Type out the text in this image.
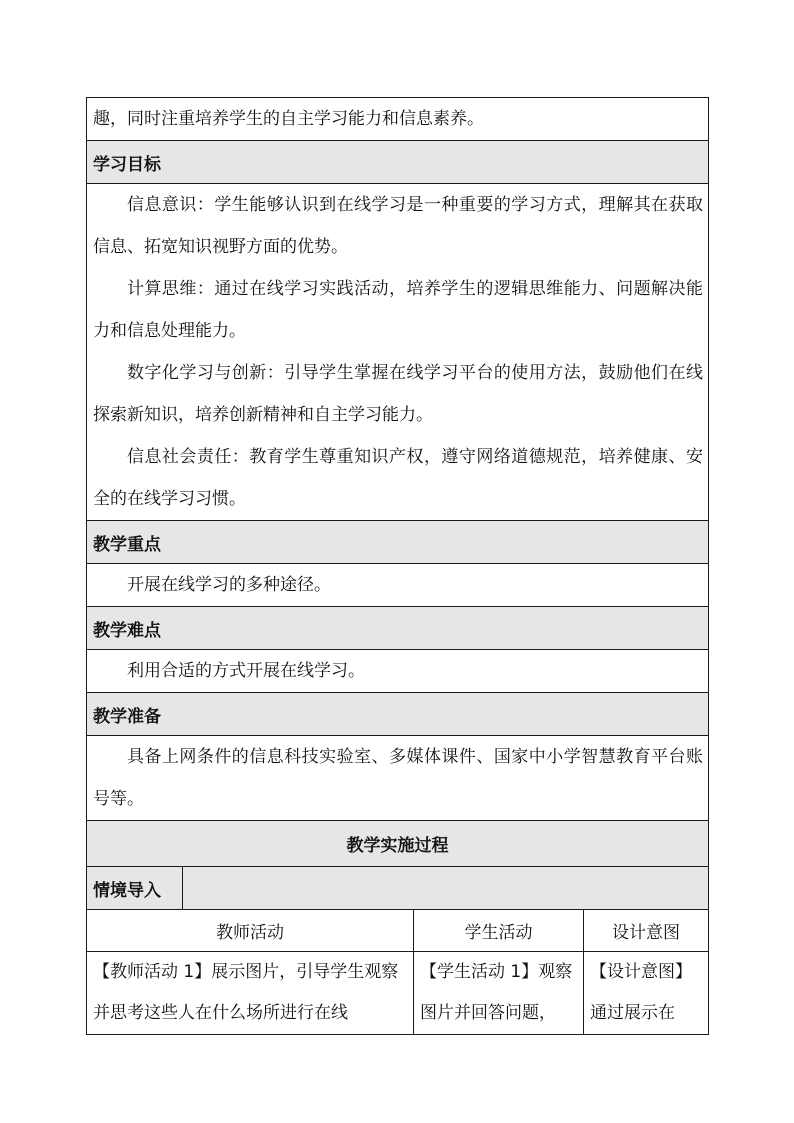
趣，同时注重培养学生的自主学习能力和信息素养。			

学习目标			

信息意识：学生能够认识到在线学习是一种重要的学习方式，理解其在获取信息、拓宽知识视野方面的优势。

计算思维：通过在线学习实践活动，培养学生的逻辑思维能力、问题解决能力和信息处理能力。

数字化学习与创新：引导学生掌握在线学习平台的使用方法，鼓励他们在线探索新知识，培养创新精神和自主学习能力。

信息社会责任：教育学生尊重知识产权，遵守网络道德规范，培养健康、安全的在线学习习惯。			

教学重点			

开展在线学习的多种途径。			

教学难点			

利用合适的方式开展在线学习。			

教学准备			

具备上网条件的信息科技实验室、多媒体课件、国家中小学智慧教育平台账号等。			

教学实施过程			
情境导入			
教师活动		学生活动	设计意图
【教师活动 1】展示图片，引导学生观察并思考这些人在什么场所进行在线		【学生活动 1】观察图片并回答问题，	【设计意图】通过展示在
